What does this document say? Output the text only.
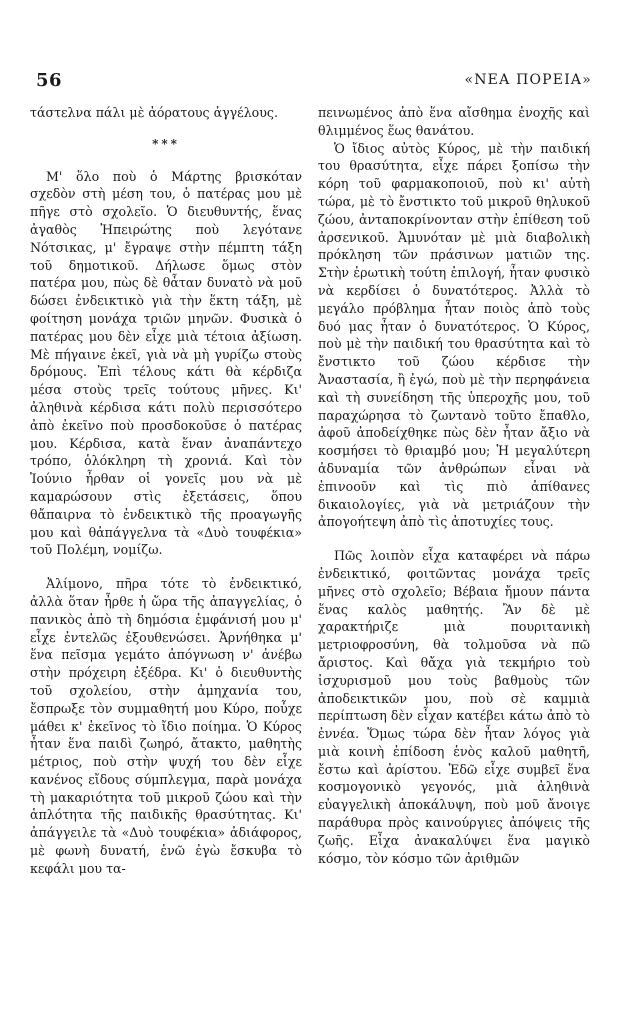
56	«ΝΕΑ ΠΟΡΕΙΑ»

τάστελνα πάλι μὲ ἀόρατους ἀγγέλους.

***

Μ' ὅλο ποὺ ὁ Μάρτης βρισκόταν σχεδὸν στὴ μέση του, ὁ πατέρας μου μὲ πῆγε στὸ σχολεῖο. Ὁ διευθυντής, ἕνας ἀγαθὸς Ἠπειρώτης ποὺ λεγότανε Νότσικας, μ' ἔγραψε στὴν πέμπτη τάξη τοῦ δημοτικοῦ. Δήλωσε ὅμως στὸν πατέρα μου, πὼς δὲ θἆταν δυνατὸ νὰ μοῦ δώσει ἐνδεικτικὸ γιὰ τὴν ἕκτη τάξη, μὲ φοίτηση μονάχα τριῶν μηνῶν. Φυσικὰ ὁ πατέρας μου δὲν εἶχε μιὰ τέτοια ἀξίωση. Μὲ πήγαινε ἐκεῖ, γιὰ νὰ μὴ γυρίζω στοὺς δρόμους. Ἐπὶ τέλους κάτι θὰ κέρδιζα μέσα στοὺς τρεῖς τούτους μῆνες. Κι' ἀληθινὰ κέρδισα κάτι πολὺ περισσότερο ἀπὸ ἐκεῖνο ποὺ προσδοκοῦσε ὁ πατέρας μου. Κέρδισα, κατὰ ἕναν ἀναπάντεχο τρόπο, ὁλόκληρη τὴ χρονιά. Καὶ τὸν Ἰούνιο ἦρθαν οἱ γονεῖς μου νὰ μὲ καμαρώσουν στὶς ἐξετάσεις, ὅπου θἄπαιρνα τὸ ἐνδεικτικὸ τῆς προαγωγῆς μου καὶ θἀπάγγελνα τὰ «Δυὸ τουφέκια» τοῦ Πολέμη, νομίζω.

Ἀλίμονο, πῆρα τότε τὸ ἐνδεικτικό, ἀλλὰ ὅταν ἦρθε ἡ ὥρα τῆς ἀπαγγελίας, ὁ πανικὸς ἀπὸ τὴ δημόσια ἐμφάνισή μου μ' εἶχε ἐντελῶς ἐξουθενώσει. Ἀρνήθηκα μ' ἕνα πεῖσμα γεμάτο ἀπόγνωση ν' ἀνέβω στὴν πρόχειρη ἐξέδρα. Κι' ὁ διευθυντὴς τοῦ σχολείου, στὴν ἀμηχανία του, ἔσπρωξε τὸν συμμαθητή μου Κύρο, ποὖχε μάθει κ' ἐκεῖνος τὸ ἴδιο ποίημα. Ὁ Κύρος ἦταν ἕνα παιδὶ ζωηρό, ἄτακτο, μαθητὴς μέτριος, ποὺ στὴν ψυχή του δὲν εἶχε κανένος εἴδους σύμπλεγμα, παρὰ μονάχα τὴ μακαριότητα τοῦ μικροῦ ζώου καὶ τὴν ἁπλότητα τῆς παιδικῆς θρασύτητας. Κι' ἀπάγγειλε τὰ «Δυὸ τουφέκια» ἀδιάφορος, μὲ φωνὴ δυνατή, ἐνῶ ἐγὼ ἔσκυβα τὸ κεφάλι μου τα-

πεινωμένος ἀπὸ ἕνα αἴσθημα ἐνοχῆς καὶ θλιμμένος ἕως θανάτου.

Ὁ ἴδιος αὐτὸς Κύρος, μὲ τὴν παιδική του θρασύτητα, εἶχε πάρει ξοπίσω τὴν κόρη τοῦ φαρμακοποιοῦ, ποὺ κι' αὐτὴ τώρα, μὲ τὸ ἔνστικτο τοῦ μικροῦ θηλυκοῦ ζώου, ἀνταποκρίνονταν στὴν ἐπίθεση τοῦ ἀρσενικοῦ. Ἀμυνόταν μὲ μιὰ διαβολικὴ πρόκληση τῶν πράσινων ματιῶν της. Στὴν ἐρωτικὴ τούτη ἐπιλογή, ἦταν φυσικὸ νὰ κερδίσει ὁ δυνατότερος. Ἀλλὰ τὸ μεγάλο πρόβλημα ἦταν ποιὸς ἀπὸ τοὺς δυό μας ἦταν ὁ δυνατότερος. Ὁ Κύρος, ποὺ μὲ τὴν παιδική του θρασύτητα καὶ τὸ ἔνστικτο τοῦ ζώου κέρδισε τὴν Ἀναστασία, ἢ ἐγώ, ποὺ μὲ τὴν περηφάνεια καὶ τὴ συνείδηση τῆς ὑπεροχῆς μου, τοῦ παραχώρησα τὸ ζωντανὸ τοῦτο ἔπαθλο, ἀφοῦ ἀποδείχθηκε πὼς δὲν ἦταν ἄξιο νὰ κοσμήσει τὸ θριαμβό μου; Ἡ μεγαλύτερη ἀδυναμία τῶν ἀνθρώπων εἶναι νὰ ἐπινοοῦν καὶ τὶς πιὸ ἀπίθανες δικαιολογίες, γιὰ νὰ μετριάζουν τὴν ἀπογοήτεψη ἀπὸ τὶς ἀποτυχίες τους.

Πῶς λοιπὸν εἶχα καταφέρει νὰ πάρω ἐνδεικτικό, φοιτῶντας μονάχα τρεῖς μῆνες στὸ σχολεῖο; Βέβαια ἤμουν πάντα ἕνας καλὸς μαθητής. Ἂν δὲ μὲ χαρακτήριζε μιὰ πουριτανικὴ μετριοφροσύνη, θὰ τολμοῦσα νὰ πῶ ἄριστος. Καὶ θἄχα γιὰ τεκμήριο τοὺ ἰσχυρισμοῦ μου τοὺς βαθμοὺς τῶν ἀποδεικτικῶν μου, ποὺ σὲ καμμιὰ περίπτωση δὲν εἶχαν κατέβει κάτω ἀπὸ τὸ ἐννέα. Ὅμως τώρα δὲν ἦταν λόγος γιὰ μιὰ κοινὴ ἐπίδοση ἑνὸς καλοῦ μαθητῆ, ἔστω καὶ ἀρίστου. Ἐδῶ εἶχε συμβεῖ ἕνα κοσμογονικὸ γεγονός, μιὰ ἀληθινὰ εὐαγγελικὴ ἀποκάλυψη, ποὺ μοῦ ἄνοιγε παράθυρα πρὸς καινούργιες ἀπόψεις τῆς ζωῆς. Εἶχα ἀνακαλύψει ἕνα μαγικὸ κόσμο, τὸν κόσμο τῶν ἀριθμῶν
